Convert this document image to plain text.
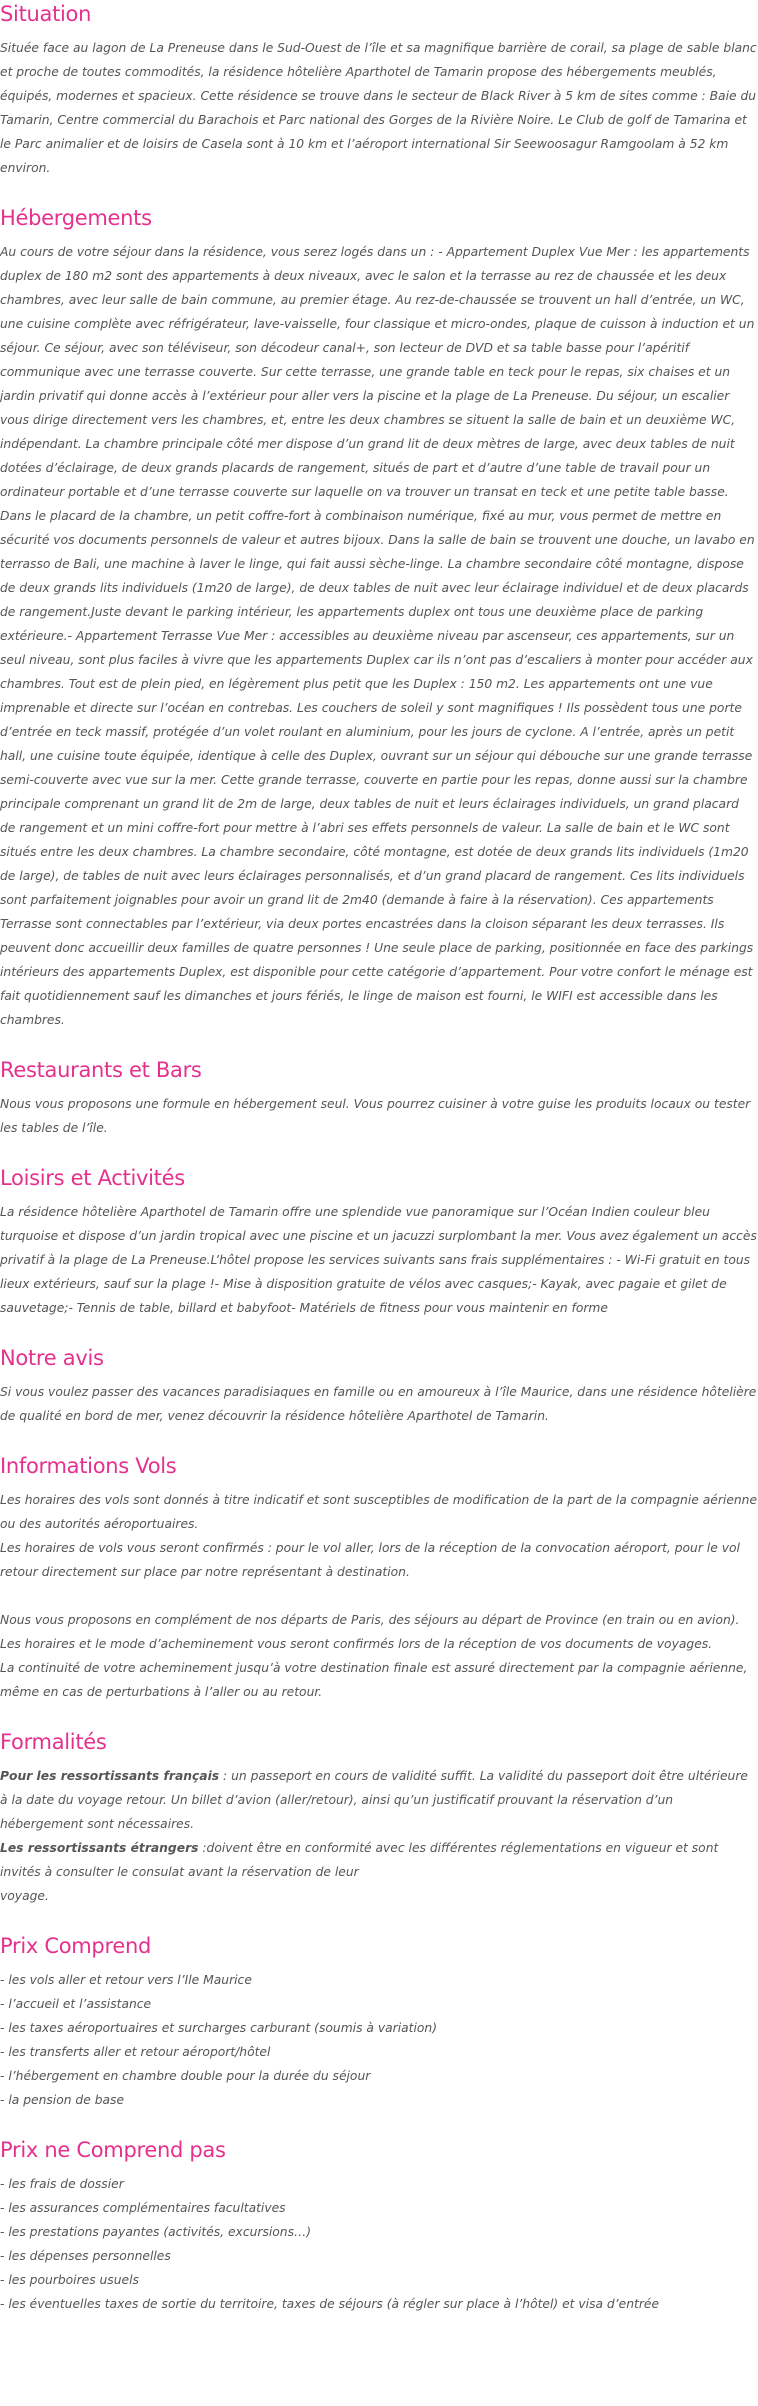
Situation

Située face au lagon de La Preneuse dans le Sud-Ouest de l’île et sa magnifique barrière de corail, sa plage de sable blanc et proche de toutes commodités, la résidence hôtelière Aparthotel de Tamarin propose des hébergements meublés, équipés, modernes et spacieux. Cette résidence se trouve dans le secteur de Black River à 5 km de sites comme : Baie du Tamarin, Centre commercial du Barachois et Parc national des Gorges de la Rivière Noire. Le Club de golf de Tamarina et le Parc animalier et de loisirs de Casela sont à 10 km et l’aéroport international Sir Seewoosagur Ramgoolam à 52 km environ.

Hébergements

Au cours de votre séjour dans la résidence, vous serez logés dans un : - Appartement Duplex Vue Mer : les appartements duplex de 180 m2 sont des appartements à deux niveaux, avec le salon et la terrasse au rez de chaussée et les deux chambres, avec leur salle de bain commune, au premier étage. Au rez-de-chaussée se trouvent un hall d’entrée, un WC, une cuisine complète avec réfrigérateur, lave-vaisselle, four classique et micro-ondes, plaque de cuisson à induction et un séjour. Ce séjour, avec son téléviseur, son décodeur canal+, son lecteur de DVD et sa table basse pour l’apéritif communique avec une terrasse couverte. Sur cette terrasse, une grande table en teck pour le repas, six chaises et un jardin privatif qui donne accès à l’extérieur pour aller vers la piscine et la plage de La Preneuse. Du séjour, un escalier vous dirige directement vers les chambres, et, entre les deux chambres se situent la salle de bain et un deuxième WC, indépendant. La chambre principale côté mer dispose d’un grand lit de deux mètres de large, avec deux tables de nuit dotées d’éclairage, de deux grands placards de rangement, situés de part et d’autre d’une table de travail pour un ordinateur portable et d’une terrasse couverte sur laquelle on va trouver un transat en teck et une petite table basse. Dans le placard de la chambre, un petit coffre-fort à combinaison numérique, fixé au mur, vous permet de mettre en sécurité vos documents personnels de valeur et autres bijoux. Dans la salle de bain se trouvent une douche, un lavabo en terrasso de Bali, une machine à laver le linge, qui fait aussi sèche-linge. La chambre secondaire côté montagne, dispose de deux grands lits individuels (1m20 de large), de deux tables de nuit avec leur éclairage individuel et de deux placards de rangement.Juste devant le parking intérieur, les appartements duplex ont tous une deuxième place de parking extérieure.- Appartement Terrasse Vue Mer : accessibles au deuxième niveau par ascenseur, ces appartements, sur un seul niveau, sont plus faciles à vivre que les appartements Duplex car ils n’ont pas d’escaliers à monter pour accéder aux chambres. Tout est de plein pied, en légèrement plus petit que les Duplex : 150 m2. Les appartements ont une vue imprenable et directe sur l’océan en contrebas. Les couchers de soleil y sont magnifiques ! Ils possèdent tous une porte d’entrée en teck massif, protégée d’un volet roulant en aluminium, pour les jours de cyclone. A l’entrée, après un petit hall, une cuisine toute équipée, identique à celle des Duplex, ouvrant sur un séjour qui débouche sur une grande terrasse semi-couverte avec vue sur la mer. Cette grande terrasse, couverte en partie pour les repas, donne aussi sur la chambre principale comprenant un grand lit de 2m de large, deux tables de nuit et leurs éclairages individuels, un grand placard de rangement et un mini coffre-fort pour mettre à l’abri ses effets personnels de valeur. La salle de bain et le WC sont situés entre les deux chambres. La chambre secondaire, côté montagne, est dotée de deux grands lits individuels (1m20 de large), de tables de nuit avec leurs éclairages personnalisés, et d’un grand placard de rangement. Ces lits individuels sont parfaitement joignables pour avoir un grand lit de 2m40 (demande à faire à la réservation). Ces appartements Terrasse sont connectables par l’extérieur, via deux portes encastrées dans la cloison séparant les deux terrasses. Ils peuvent donc accueillir deux familles de quatre personnes ! Une seule place de parking, positionnée en face des parkings intérieurs des appartements Duplex, est disponible pour cette catégorie d’appartement. Pour votre confort le ménage est fait quotidiennement sauf les dimanches et jours fériés, le linge de maison est fourni, le WIFI est accessible dans les chambres.

Restaurants et Bars

Nous vous proposons une formule en hébergement seul. Vous pourrez cuisiner à votre guise les produits locaux ou tester les tables de l’île.

Loisirs et Activités

La résidence hôtelière Aparthotel de Tamarin offre une splendide vue panoramique sur l’Océan Indien couleur bleu turquoise et dispose d’un jardin tropical avec une piscine et un jacuzzi surplombant la mer. Vous avez également un accès privatif à la plage de La Preneuse.L’hôtel propose les services suivants sans frais supplémentaires : - Wi-Fi gratuit en tous lieux extérieurs, sauf sur la plage !- Mise à disposition gratuite de vélos avec casques;- Kayak, avec pagaie et gilet de sauvetage;- Tennis de table, billard et babyfoot- Matériels de fitness pour vous maintenir en forme

Notre avis

Si vous voulez passer des vacances paradisiaques en famille ou en amoureux à l’île Maurice, dans une résidence hôtelière de qualité en bord de mer, venez découvrir la résidence hôtelière Aparthotel de Tamarin.

Informations Vols

Les horaires des vols sont donnés à titre indicatif et sont susceptibles de modification de la part de la compagnie aérienne ou des autorités aéroportuaires.

Les horaires de vols vous seront confirmés : pour le vol aller, lors de la réception de la convocation aéroport, pour le vol retour directement sur place par notre représentant à destination.

Nous vous proposons en complément de nos départs de Paris, des séjours au départ de Province (en train ou en avion).

Les horaires et le mode d’acheminement vous seront confirmés lors de la réception de vos documents de voyages.

La continuité de votre acheminement jusqu’à votre destination finale est assuré directement par la compagnie aérienne, même en cas de perturbations à l’aller ou au retour.

Formalités

Pour les ressortissants français : un passeport en cours de validité suffit. La validité du passeport doit être ultérieure à la date du voyage retour. Un billet d’avion (aller/retour), ainsi qu’un justificatif prouvant la réservation d’un hébergement sont nécessaires.

Les ressortissants étrangers :doivent être en conformité avec les différentes réglementations en vigueur et sont invités à consulter le consulat avant la réservation de leur

voyage.

Prix Comprend

- les vols aller et retour vers l’Ile Maurice

- l’accueil et l’assistance

- les taxes aéroportuaires et surcharges carburant (soumis à variation)

- les transferts aller et retour aéroport/hôtel

- l’hébergement en chambre double pour la durée du séjour

- la pension de base

Prix ne Comprend pas

- les frais de dossier

- les assurances complémentaires facultatives

- les prestations payantes (activités, excursions…)

- les dépenses personnelles

- les pourboires usuels

- les éventuelles taxes de sortie du territoire, taxes de séjours (à régler sur place à l’hôtel) et visa d’entrée
